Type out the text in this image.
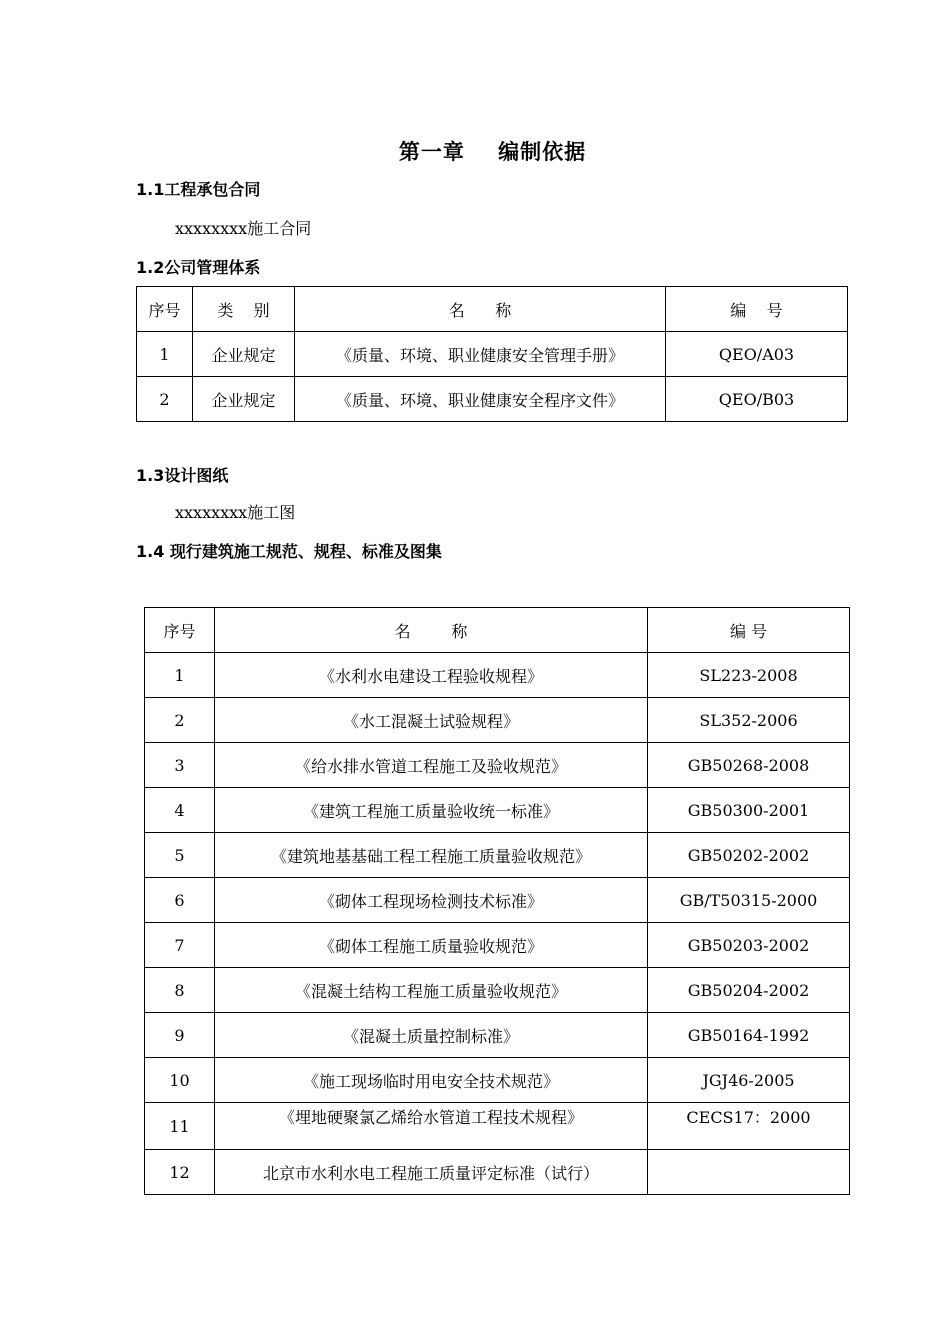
第一章    编制依据
1.1工程承包合同
xxxxxxxx施工合同
1.2公司管理体系
序号	类    别	名      称	编    号
1	企业规定	《质量、环境、职业健康安全管理手册》	QEO/A03
2	企业规定	《质量、环境、职业健康安全程序文件》	QEO/B03
1.3设计图纸
xxxxxxxx施工图
1.4 现行建筑施工规范、规程、标准及图集
序号	名        称	编 号
1	《水利水电建设工程验收规程》	SL223-2008
2	《水工混凝土试验规程》	SL352-2006
3	《给水排水管道工程施工及验收规范》	GB50268-2008
4	《建筑工程施工质量验收统一标准》	GB50300-2001
5	《建筑地基基础工程工程施工质量验收规范》	GB50202-2002
6	《砌体工程现场检测技术标准》	GB/T50315-2000
7	《砌体工程施工质量验收规范》	GB50203-2002
8	《混凝土结构工程施工质量验收规范》	GB50204-2002
9	《混凝土质量控制标准》	GB50164-1992
10	《施工现场临时用电安全技术规范》	JGJ46-2005
11	《埋地硬聚氯乙烯给水管道工程技术规程》	CECS17：2000
12	北京市水利水电工程施工质量评定标准（试行）	
